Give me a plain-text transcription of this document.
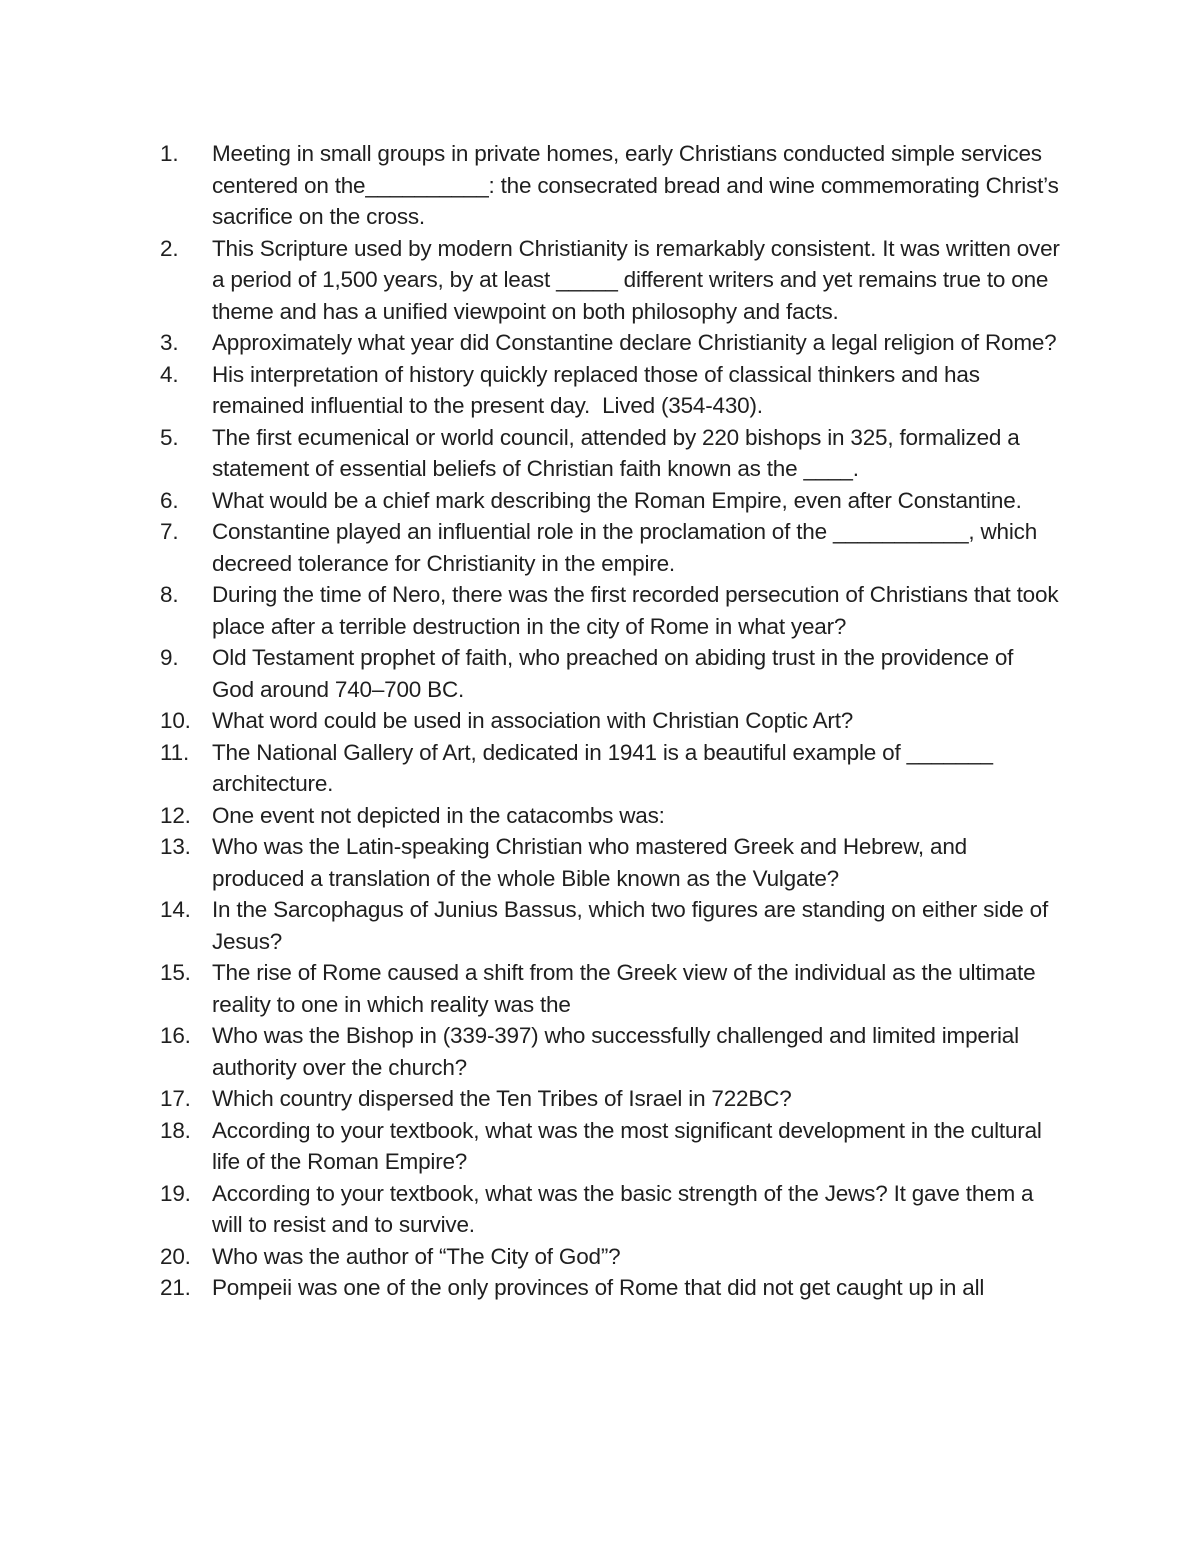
1.	Meeting in small groups in private homes, early Christians conducted simple services centered on the__________: the consecrated bread and wine commemorating Christ’s sacrifice on the cross.
2.	This Scripture used by modern Christianity is remarkably consistent. It was written over a period of 1,500 years, by at least _____ different writers and yet remains true to one theme and has a unified viewpoint on both philosophy and facts.
3.	Approximately what year did Constantine declare Christianity a legal religion of Rome?
4.	His interpretation of history quickly replaced those of classical thinkers and has remained influential to the present day.  Lived (354-430).
5.	The first ecumenical or world council, attended by 220 bishops in 325, formalized a statement of essential beliefs of Christian faith known as the ____.
6.	What would be a chief mark describing the Roman Empire, even after Constantine.
7.	Constantine played an influential role in the proclamation of the ___________, which decreed tolerance for Christianity in the empire.
8.	During the time of Nero, there was the first recorded persecution of Christians that took place after a terrible destruction in the city of Rome in what year?
9.	Old Testament prophet of faith, who preached on abiding trust in the providence of God around 740–700 BC.
10. What word could be used in association with Christian Coptic Art?
11.	The National Gallery of Art, dedicated in 1941 is a beautiful example of _______ architecture.
12. One event not depicted in the catacombs was:
13. Who was the Latin-speaking Christian who mastered Greek and Hebrew, and produced a translation of the whole Bible known as the Vulgate?
14. In the Sarcophagus of Junius Bassus, which two figures are standing on either side of Jesus?
15. The rise of Rome caused a shift from the Greek view of the individual as the ultimate reality to one in which reality was the
16. Who was the Bishop in (339-397) who successfully challenged and limited imperial authority over the church?
17. Which country dispersed the Ten Tribes of Israel in 722BC?
18. According to your textbook, what was the most significant development in the cultural life of the Roman Empire?
19. According to your textbook, what was the basic strength of the Jews? It gave them a will to resist and to survive.
20. Who was the author of “The City of God”?
21. Pompeii was one of the only provinces of Rome that did not get caught up in all
